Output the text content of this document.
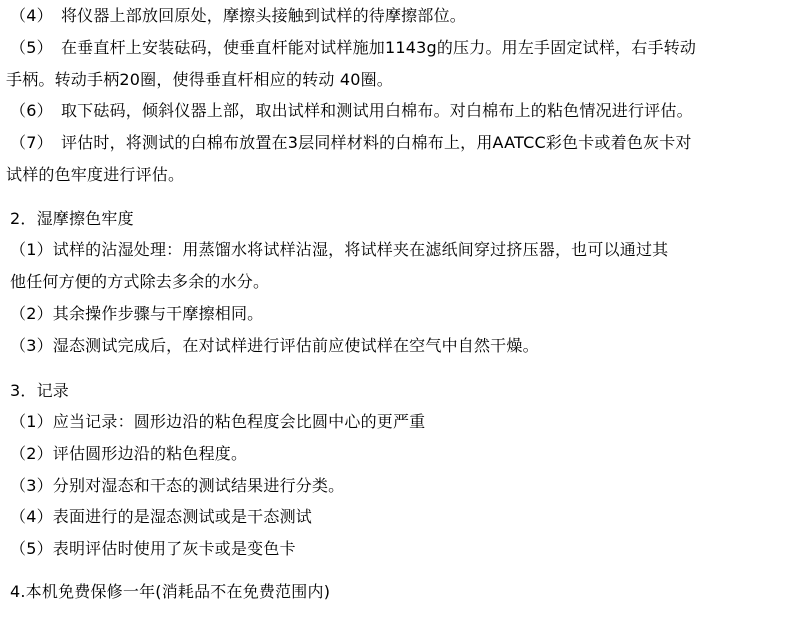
（4）　将仪器上部放回原处，摩擦头接触到试样的待摩擦部位。
（5）　在垂直杆上安装砝码，使垂直杆能对试样施加1143g的压力。用左手固定试样，右手转动
手柄。转动手柄20圈，使得垂直杆相应的转动 40圈。
（6）　取下砝码，倾斜仪器上部，取出试样和测试用白棉布。对白棉布上的粘色情况进行评估。
（7）　评估时，将测试的白棉布放置在3层同样材料的白棉布上，用AATCC彩色卡或着色灰卡对
试样的色牢度进行评估。
2．湿摩擦色牢度
（1）试样的沾湿处理：用蒸馏水将试样沾湿，将试样夹在滤纸间穿过挤压器，也可以通过其
他任何方便的方式除去多余的水分。
（2）其余操作步骤与干摩擦相同。
（3）湿态测试完成后，在对试样进行评估前应使试样在空气中自然干燥。
3．记录
（1）应当记录：圆形边沿的粘色程度会比圆中心的更严重
（2）评估圆形边沿的粘色程度。
（3）分别对湿态和干态的测试结果进行分类。
（4）表面进行的是湿态测试或是干态测试
（5）表明评估时使用了灰卡或是变色卡
4.本机免费保修一年(消耗品不在免费范围内)
